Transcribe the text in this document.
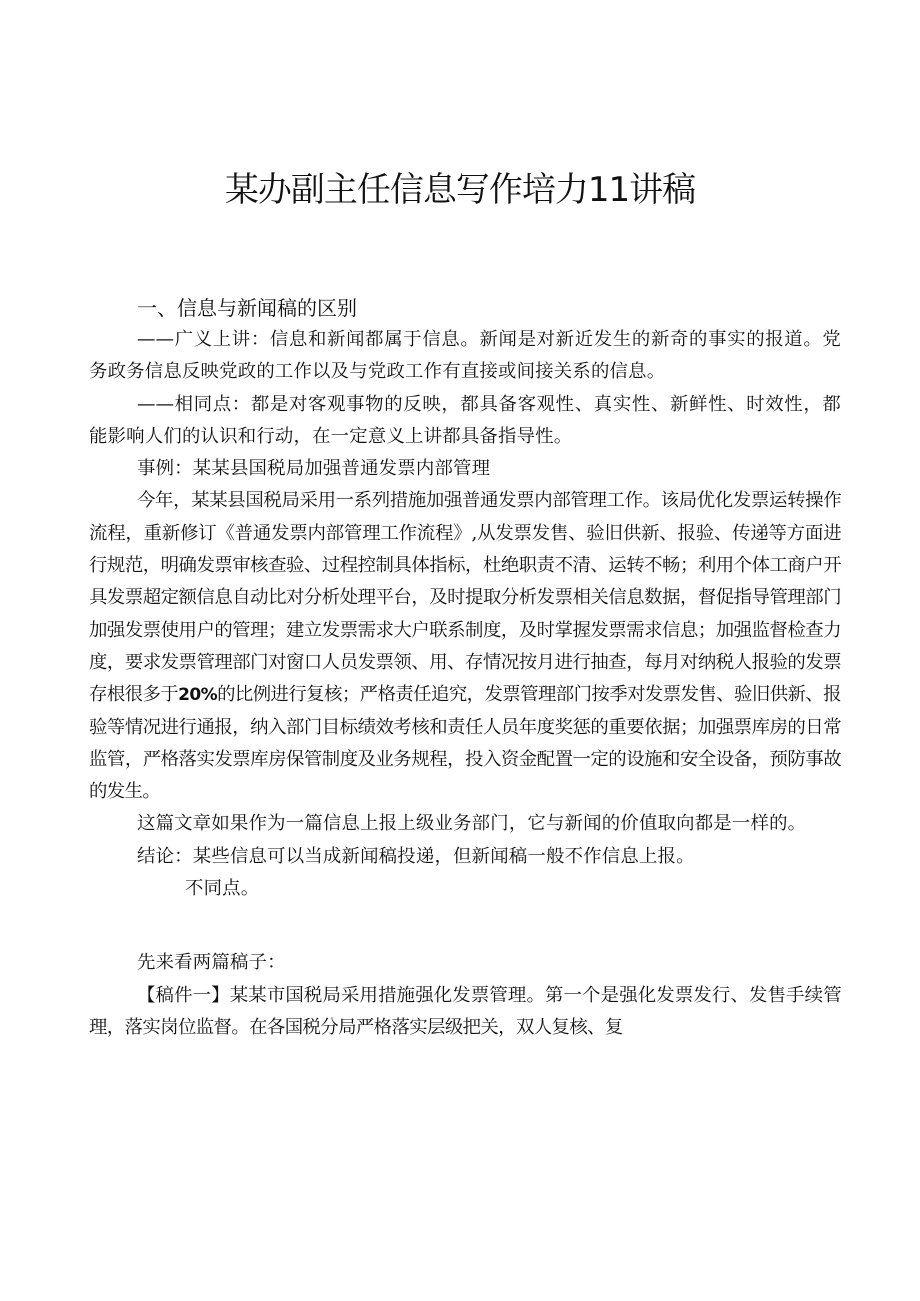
某办副主任信息写作培力11讲稿
一、信息与新闻稿的区别

——广义上讲：信息和新闻都属于信息。新闻是对新近发生的新奇的事实的报道。党务政务信息反映党政的工作以及与党政工作有直接或间接关系的信息。

——相同点：都是对客观事物的反映，都具备客观性、真实性、新鲜性、时效性，都能影响人们的认识和行动，在一定意义上讲都具备指导性。

事例：某某县国税局加强普通发票内部管理

今年，某某县国税局采用一系列措施加强普通发票内部管理工作。该局优化发票运转操作流程，重新修订《普通发票内部管理工作流程》,从发票发售、验旧供新、报验、传递等方面进行规范，明确发票审核查验、过程控制具体指标，杜绝职责不清、运转不畅；利用个体工商户开具发票超定额信息自动比对分析处理平台，及时提取分析发票相关信息数据，督促指导管理部门加强发票使用户的管理；建立发票需求大户联系制度，及时掌握发票需求信息；加强监督检查力度，要求发票管理部门对窗口人员发票领、用、存情况按月进行抽查，每月对纳税人报验的发票存根很多于20%的比例进行复核；严格责任追究，发票管理部门按季对发票发售、验旧供新、报验等情况进行通报，纳入部门目标绩效考核和责任人员年度奖惩的重要依据；加强票库房的日常监管，严格落实发票库房保管制度及业务规程，投入资金配置一定的设施和安全设备，预防事故的发生。

这篇文章如果作为一篇信息上报上级业务部门，它与新闻的价值取向都是一样的。

结论：某些信息可以当成新闻稿投递，但新闻稿一般不作信息上报。

不同点。

先来看两篇稿子：

【稿件一】某某市国税局采用措施强化发票管理。第一个是强化发票发行、发售手续管理，落实岗位监督。在各国税分局严格落实层级把关，双人复核、复
